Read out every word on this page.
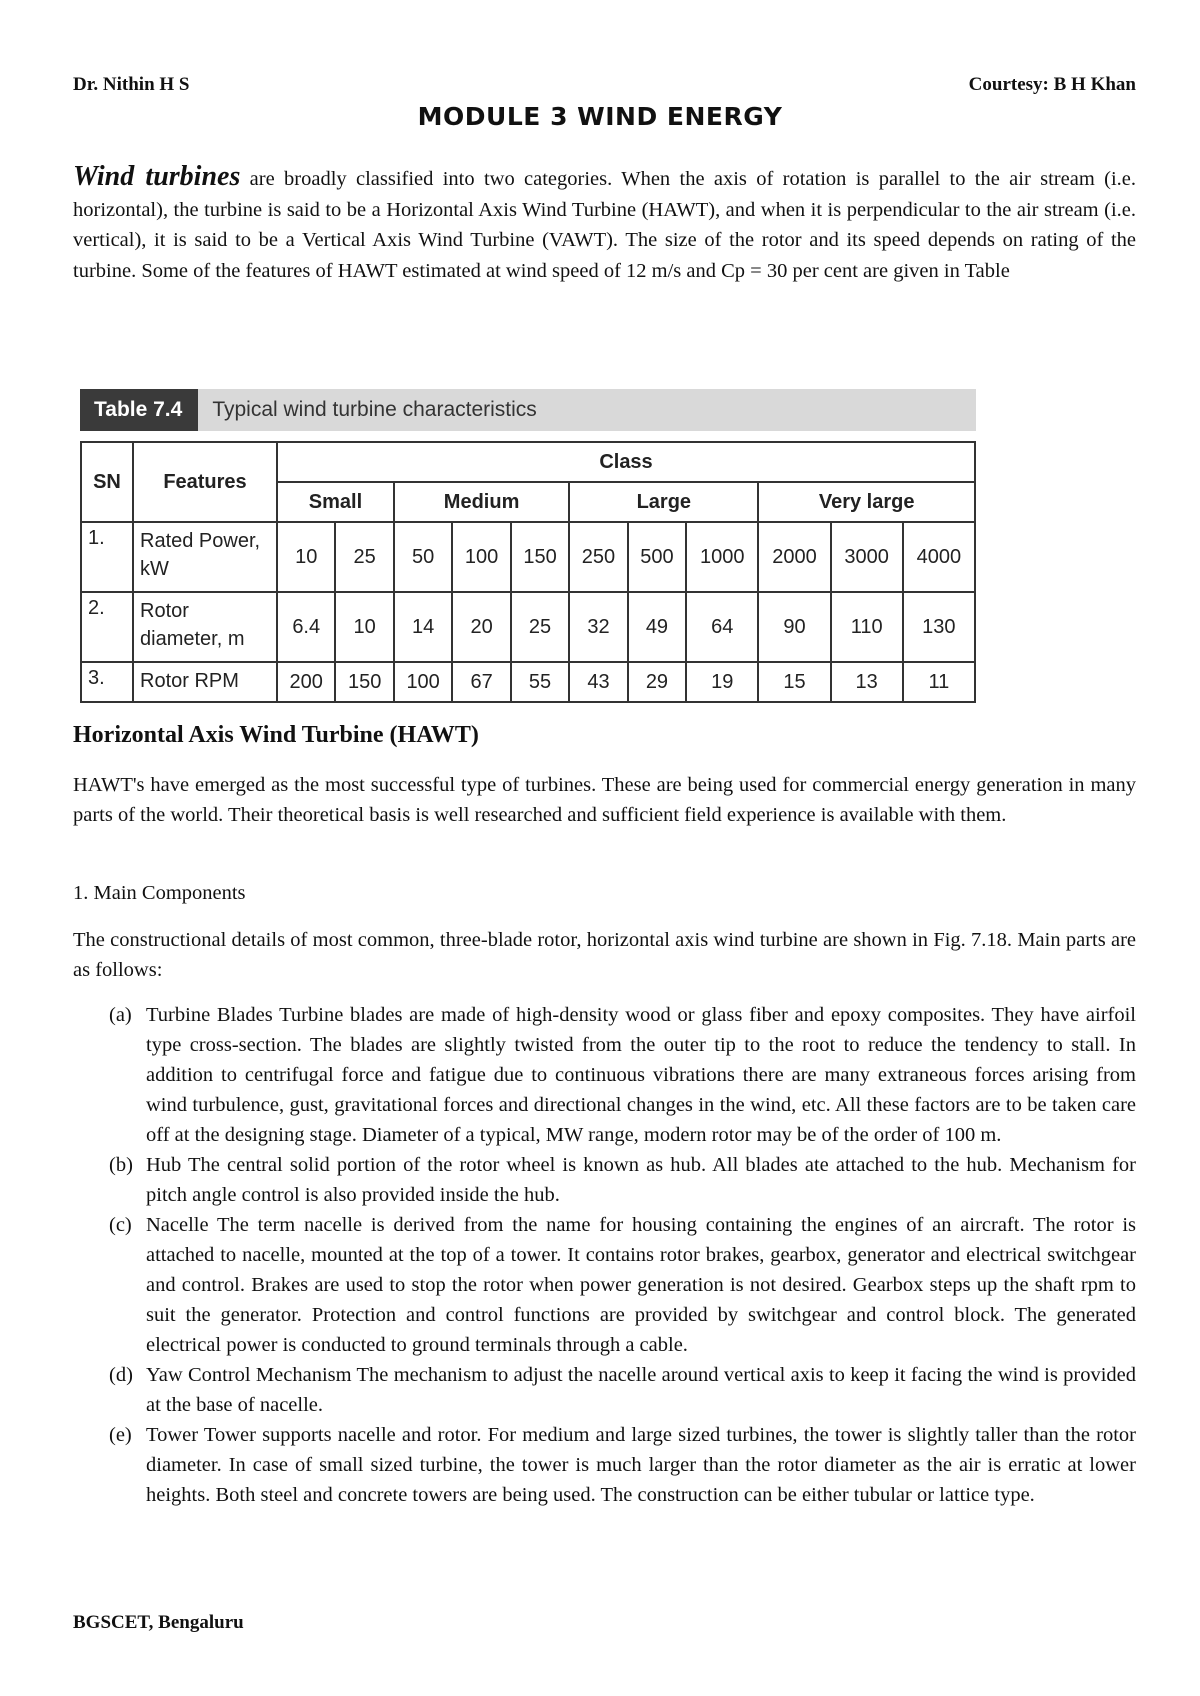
Dr. Nithin H S	Courtesy: B H Khan
MODULE 3 WIND ENERGY
Wind turbines are broadly classified into two categories. When the axis of rotation is parallel to the air stream (i.e. horizontal), the turbine is said to be a Horizontal Axis Wind Turbine (HAWT), and when it is perpendicular to the air stream (i.e. vertical), it is said to be a Vertical Axis Wind Turbine (VAWT). The size of the rotor and its speed depends on rating of the turbine. Some of the features of HAWT estimated at wind speed of 12 m/s and Cp = 30 per cent are given in Table
Table 7.4	Typical wind turbine characteristics
SN	Features	Class										
		Small		Medium			Large			Very large		
1.	Rated Power, kW	10	25	50	100	150	250	500	1000	2000	3000	4000
2.	Rotor diameter, m	6.4	10	14	20	25	32	49	64	90	110	130
3.	Rotor RPM	200	150	100	67	55	43	29	19	15	13	11
Horizontal Axis Wind Turbine (HAWT)
HAWT's have emerged as the most successful type of turbines. These are being used for commercial energy generation in many parts of the world. Their theoretical basis is well researched and sufficient field experience is available with them.
1. Main Components
The constructional details of most common, three-blade rotor, horizontal axis wind turbine are shown in Fig. 7.18. Main parts are as follows:
(a) Turbine Blades Turbine blades are made of high-density wood or glass fiber and epoxy composites. They have airfoil type cross-section. The blades are slightly twisted from the outer tip to the root to reduce the tendency to stall. In addition to centrifugal force and fatigue due to continuous vibrations there are many extraneous forces arising from wind turbulence, gust, gravitational forces and directional changes in the wind, etc. All these factors are to be taken care off at the designing stage. Diameter of a typical, MW range, modern rotor may be of the order of 100 m.
(b) Hub The central solid portion of the rotor wheel is known as hub. All blades ate attached to the hub. Mechanism for pitch angle control is also provided inside the hub.
(c) Nacelle The term nacelle is derived from the name for housing containing the engines of an aircraft. The rotor is attached to nacelle, mounted at the top of a tower. It contains rotor brakes, gearbox, generator and electrical switchgear and control. Brakes are used to stop the rotor when power generation is not desired. Gearbox steps up the shaft rpm to suit the generator. Protection and control functions are provided by switchgear and control block. The generated electrical power is conducted to ground terminals through a cable.
(d) Yaw Control Mechanism The mechanism to adjust the nacelle around vertical axis to keep it facing the wind is provided at the base of nacelle.
(e) Tower Tower supports nacelle and rotor. For medium and large sized turbines, the tower is slightly taller than the rotor diameter. In case of small sized turbine, the tower is much larger than the rotor diameter as the air is erratic at lower heights. Both steel and concrete towers are being used. The construction can be either tubular or lattice type.
BGSCET, Bengaluru
